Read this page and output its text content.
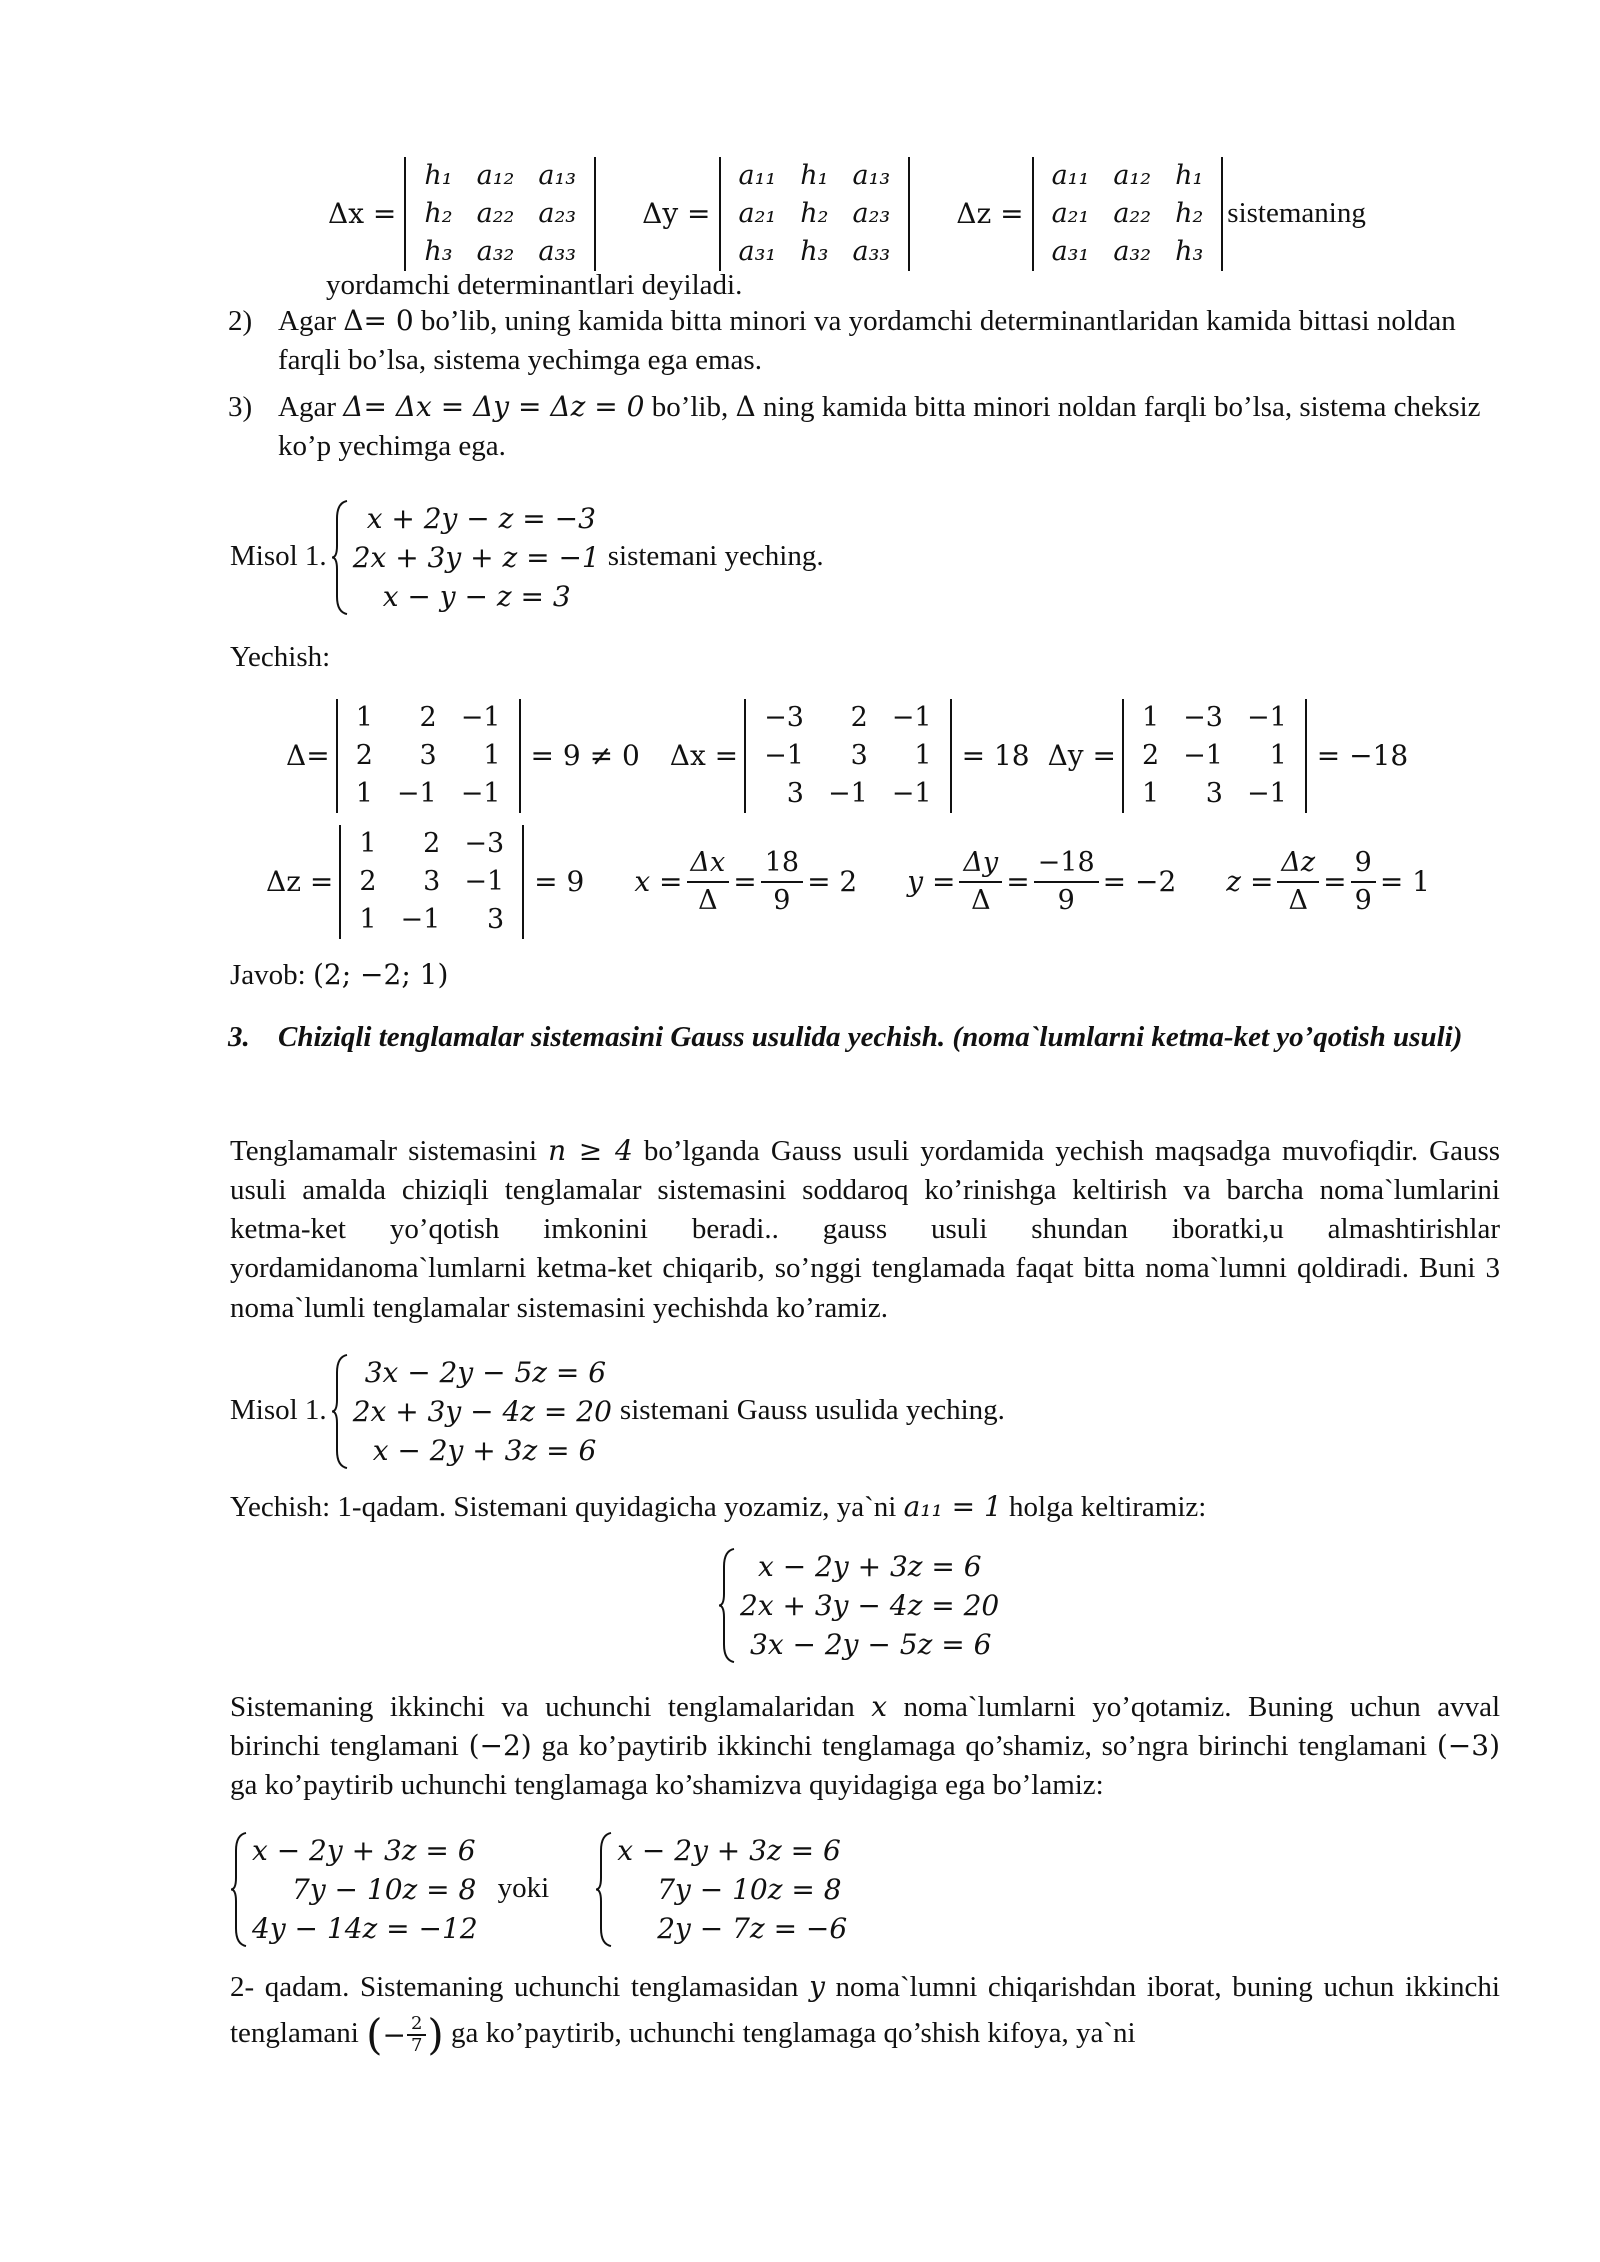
Δx =
h₁	a₁₂	a₁₃
h₂	a₂₂	a₂₃
h₃	a₃₂	a₃₃
Δy =
a₁₁	h₁	a₁₃
a₂₁	h₂	a₂₃
a₃₁	h₃	a₃₃
Δz =
a₁₁	a₁₂	h₁
a₂₁	a₂₂	h₂
a₃₁	a₃₂	h₃
sistemaning
yordamchi determinantlari deyiladi.
2) Agar Δ= 0 bo’lib, uning kamida bitta minori va yordamchi determinantlaridan kamida bittasi noldan farqli bo’lsa, sistema yechimga ega emas.
3) Agar Δ= Δx = Δy = Δz = 0 bo’lib, Δ ning kamida bitta minori noldan farqli bo’lsa, sistema cheksiz ko’p yechimga ega.
Misol 1.
x + 2y − z = −3
2x + 3y + z = −1
x − y − z = 3
sistemani yeching.
Yechish:
Δ=
1	2	−1
2	3	1
1	−1	−1
= 9 ≠ 0 Δx =
−3	2	−1
−1	3	1
3	−1	−1
= 18 Δy =
1	−3	−1
2	−1	1
1	3	−1
= −18
Δz =
1	2	−3
2	3	−1
1	−1	3
= 9 $x = \frac{\Delta x}{\Delta} = \frac{18}{9} = 2$ $y = \frac{\Delta y}{\Delta} = \frac{-18}{9} = -2$ $z = \frac{\Delta z}{\Delta} = \frac{9}{9} = 1$
Javob: (2; −2; 1)
3. Chiziqli tenglamalar sistemasini Gauss usulida yechish. (noma`lumlarni ketma-ket yo’qotish usuli)
Tenglamamalr sistemasini n ≥ 4 bo’lganda Gauss usuli yordamida yechish maqsadga muvofiqdir. Gauss usuli amalda chiziqli tenglamalar sistemasini soddaroq ko’rinishga keltirish va barcha noma`lumlarini ketma-ket yo’qotish imkonini beradi.. gauss usuli shundan iboratki,u almashtirishlar yordamidanoma`lumlarni ketma-ket chiqarib, so’nggi tenglamada faqat bitta noma`lumni qoldiradi. Buni 3 noma`lumli tenglamalar sistemasini yechishda ko’ramiz.
Misol 1.
3x − 2y − 5z = 6
2x + 3y − 4z = 20
x − 2y + 3z = 6
sistemani Gauss usulida yeching.
Yechish: 1-qadam. Sistemani quyidagicha yozamiz, ya`ni a₁₁ = 1 holga keltiramiz:
x − 2y + 3z = 6
2x + 3y − 4z = 20
3x − 2y − 5z = 6
Sistemaning ikkinchi va uchunchi tenglamalaridan x noma`lumlarni yo’qotamiz. Buning uchun avval birinchi tenglamani (−2) ga ko’paytirib ikkinchi tenglamaga qo’shamiz, so’ngra birinchi tenglamani (−3) ga ko’paytirib uchunchi tenglamaga ko’shamizva quyidagiga ega bo’lamiz:
x − 2y + 3z = 6
7y − 10z = 8
4y − 14z = −12
yoki
x − 2y + 3z = 6
7y − 10z = 8
2y − 7z = −6
2- qadam. Sistemaning uchunchi tenglamasidan y noma`lumni chiqarishdan iborat, buning uchun ikkinchi tenglamani (− $\frac{2}{7}$ ) ga ko’paytirib, uchunchi tenglamaga qo’shish kifoya, ya`ni
